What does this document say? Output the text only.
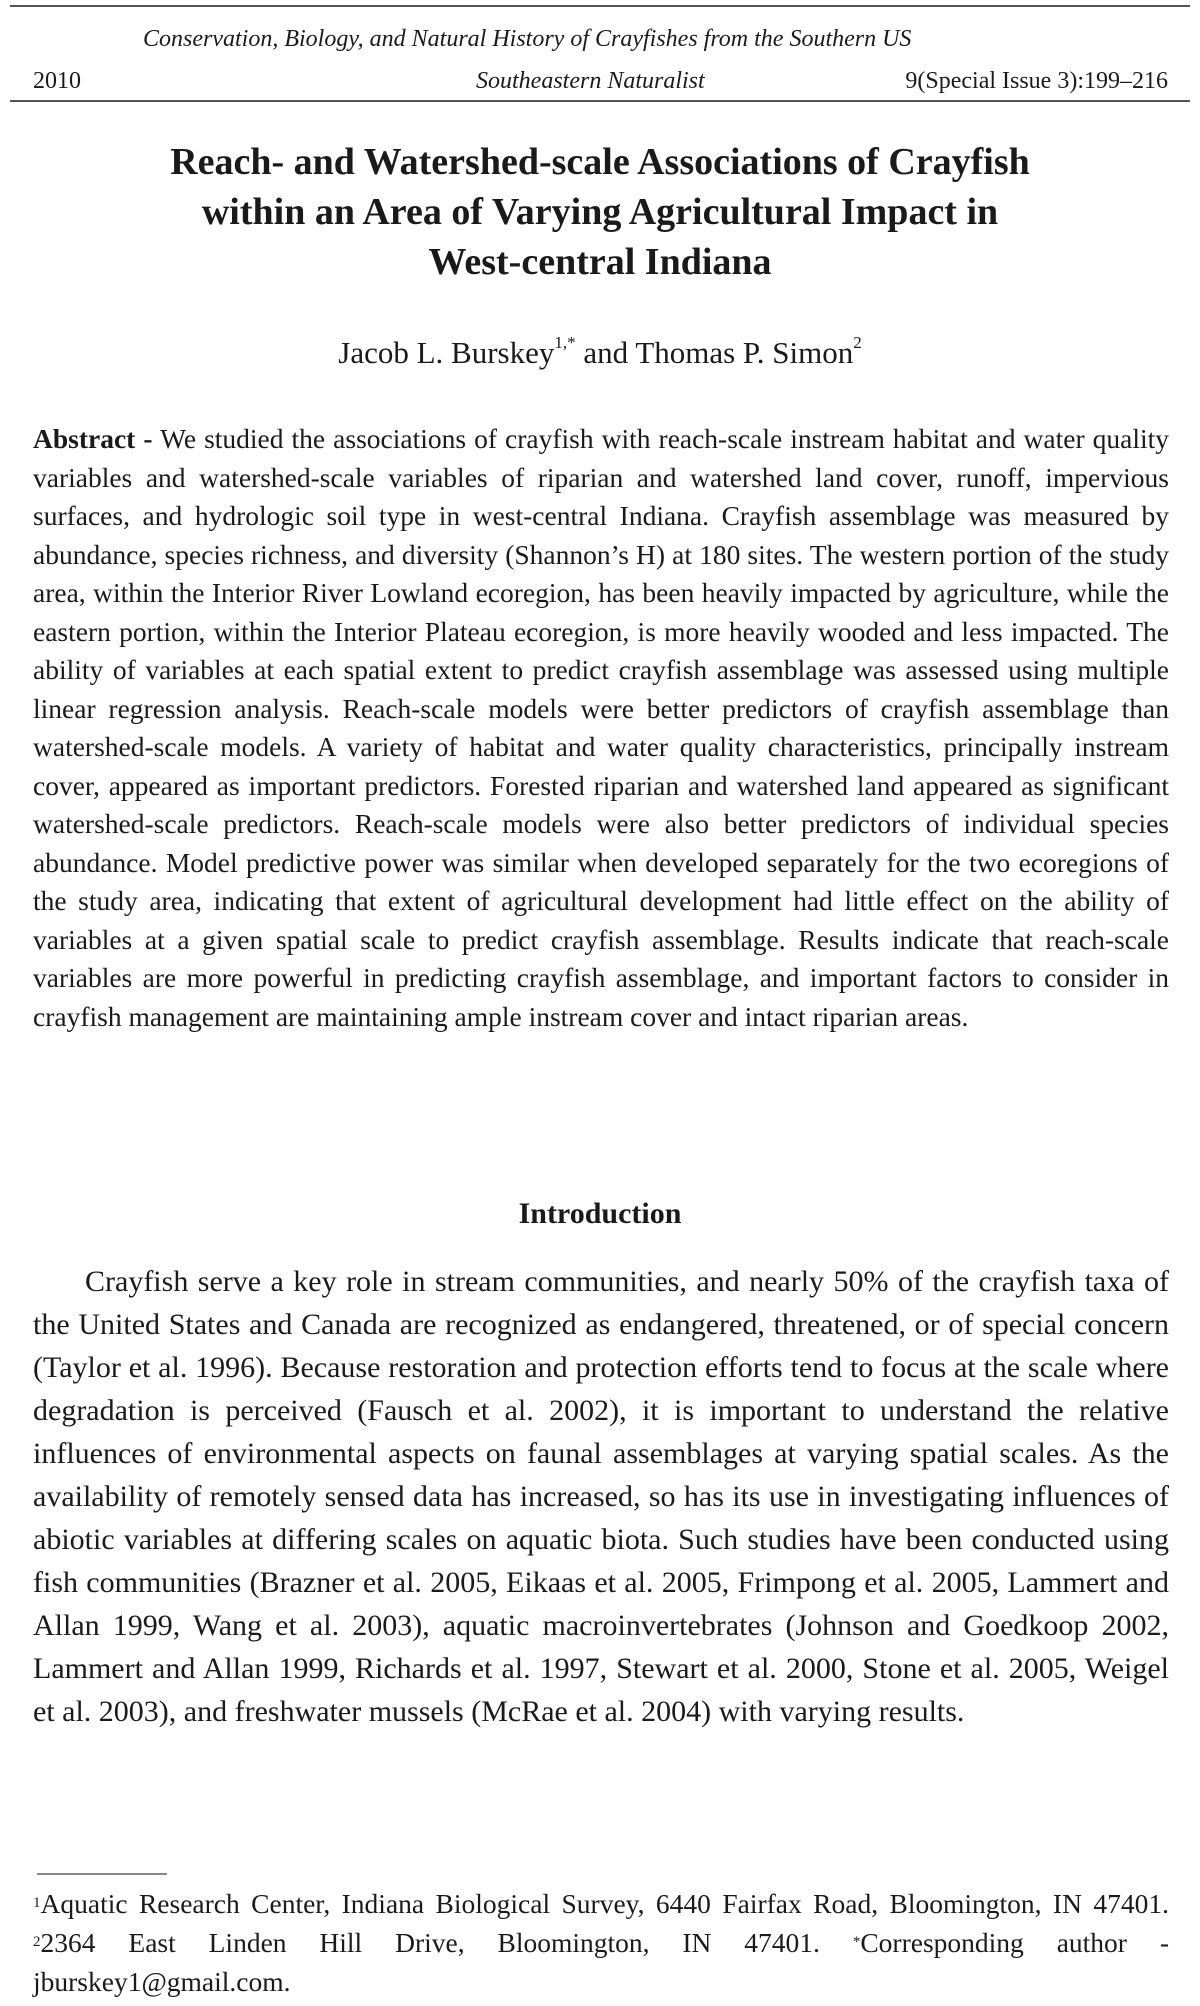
Conservation, Biology, and Natural History of Crayfishes from the Southern US
2010	Southeastern Naturalist	9(Special Issue 3):199–216
Reach- and Watershed-scale Associations of Crayfish
within an Area of Varying Agricultural Impact in
West-central Indiana
Jacob L. Burskey$^{1,*}$ and Thomas P. Simon$^2$
Abstract - We studied the associations of crayfish with reach-scale instream habitat and water quality variables and watershed-scale variables of riparian and watershed land cover, runoff, impervious surfaces, and hydrologic soil type in west-central Indiana. Crayfish assemblage was measured by abundance, species richness, and diversity (Shannon’s H) at 180 sites. The western portion of the study area, within the Interior River Lowland ecoregion, has been heavily impacted by agriculture, while the eastern portion, within the Interior Plateau ecoregion, is more heavily wooded and less impacted. The ability of variables at each spatial extent to predict crayfish assemblage was assessed using multiple linear regression analysis. Reach-scale models were better predictors of crayfish assemblage than watershed-scale models. A variety of habitat and water quality characteristics, principally instream cover, appeared as important predictors. Forested riparian and watershed land appeared as significant watershed-scale predictors. Reach-scale models were also better predictors of individual species abundance. Model predictive power was similar when developed separately for the two ecoregions of the study area, indicating that extent of agricultural development had little effect on the ability of variables at a given spatial scale to predict crayfish assemblage. Results indicate that reach-scale variables are more powerful in predicting crayfish assemblage, and important factors to consider in crayfish management are maintaining ample instream cover and intact riparian areas.
Introduction
Crayfish serve a key role in stream communities, and nearly 50% of the crayfish taxa of the United States and Canada are recognized as endangered, threatened, or of special concern (Taylor et al. 1996). Because restoration and protection efforts tend to focus at the scale where degradation is perceived (Fausch et al. 2002), it is important to understand the relative influences of environmental aspects on faunal assemblages at varying spatial scales. As the availability of remotely sensed data has increased, so has its use in investigating influences of abiotic variables at differing scales on aquatic biota. Such studies have been conducted using fish communities (Brazner et al. 2005, Eikaas et al. 2005, Frimpong et al. 2005, Lammert and Allan 1999, Wang et al. 2003), aquatic macroinvertebrates (Johnson and Goedkoop 2002, Lammert and Allan 1999, Richards et al. 1997, Stewart et al. 2000, Stone et al. 2005, Weigel et al. 2003), and freshwater mussels (McRae et al. 2004) with varying results.
$^1$Aquatic Research Center, Indiana Biological Survey, 6440 Fairfax Road, Bloomington, IN 47401. $^2$2364 East Linden Hill Drive, Bloomington, IN 47401. *Corresponding author - jburskey1@gmail.com.
